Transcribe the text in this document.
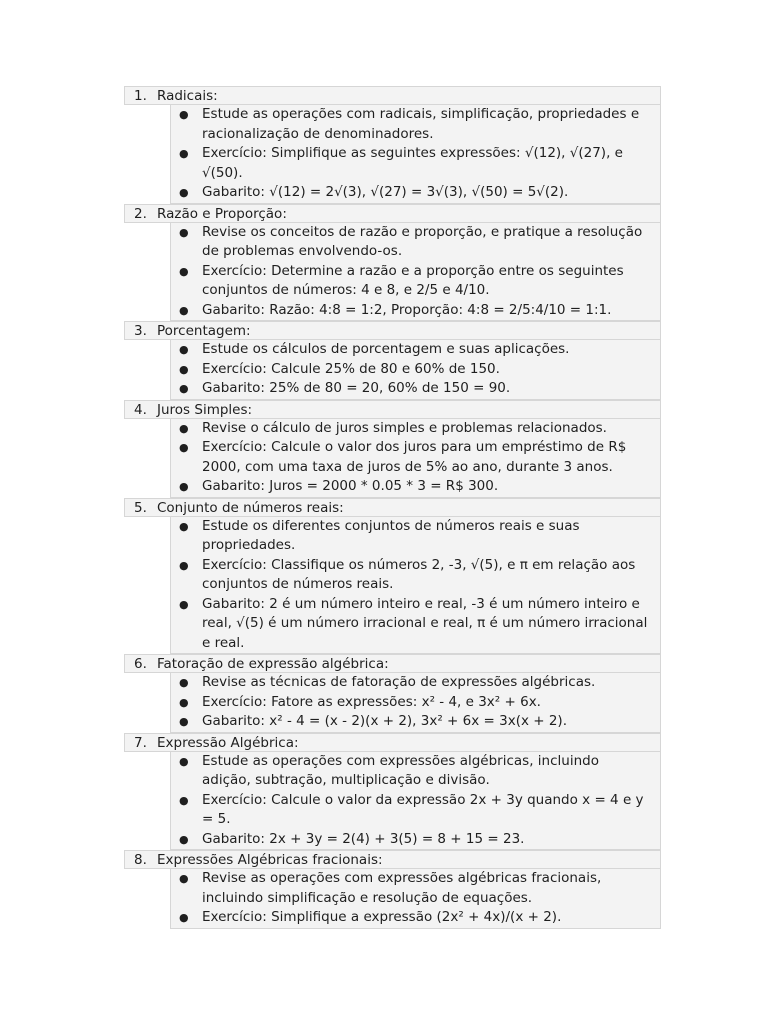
1. Radicais:
● Estude as operações com radicais, simplificação, propriedades e racionalização de denominadores.
● Exercício: Simplifique as seguintes expressões: √(12), √(27), e √(50).
● Gabarito: √(12) = 2√(3), √(27) = 3√(3), √(50) = 5√(2).
2. Razão e Proporção:
● Revise os conceitos de razão e proporção, e pratique a resolução de problemas envolvendo-os.
● Exercício: Determine a razão e a proporção entre os seguintes conjuntos de números: 4 e 8, e 2/5 e 4/10.
● Gabarito: Razão: 4:8 = 1:2, Proporção: 4:8 = 2/5:4/10 = 1:1.
3. Porcentagem:
● Estude os cálculos de porcentagem e suas aplicações.
● Exercício: Calcule 25% de 80 e 60% de 150.
● Gabarito: 25% de 80 = 20, 60% de 150 = 90.
4. Juros Simples:
● Revise o cálculo de juros simples e problemas relacionados.
● Exercício: Calcule o valor dos juros para um empréstimo de R$ 2000, com uma taxa de juros de 5% ao ano, durante 3 anos.
● Gabarito: Juros = 2000 * 0.05 * 3 = R$ 300.
5. Conjunto de números reais:
● Estude os diferentes conjuntos de números reais e suas propriedades.
● Exercício: Classifique os números 2, -3, √(5), e π em relação aos conjuntos de números reais.
● Gabarito: 2 é um número inteiro e real, -3 é um número inteiro e real, √(5) é um número irracional e real, π é um número irracional e real.
6. Fatoração de expressão algébrica:
● Revise as técnicas de fatoração de expressões algébricas.
● Exercício: Fatore as expressões: x² - 4, e 3x² + 6x.
● Gabarito: x² - 4 = (x - 2)(x + 2), 3x² + 6x = 3x(x + 2).
7. Expressão Algébrica:
● Estude as operações com expressões algébricas, incluindo adição, subtração, multiplicação e divisão.
● Exercício: Calcule o valor da expressão 2x + 3y quando x = 4 e y = 5.
● Gabarito: 2x + 3y = 2(4) + 3(5) = 8 + 15 = 23.
8. Expressões Algébricas fracionais:
● Revise as operações com expressões algébricas fracionais, incluindo simplificação e resolução de equações.
● Exercício: Simplifique a expressão (2x² + 4x)/(x + 2).
